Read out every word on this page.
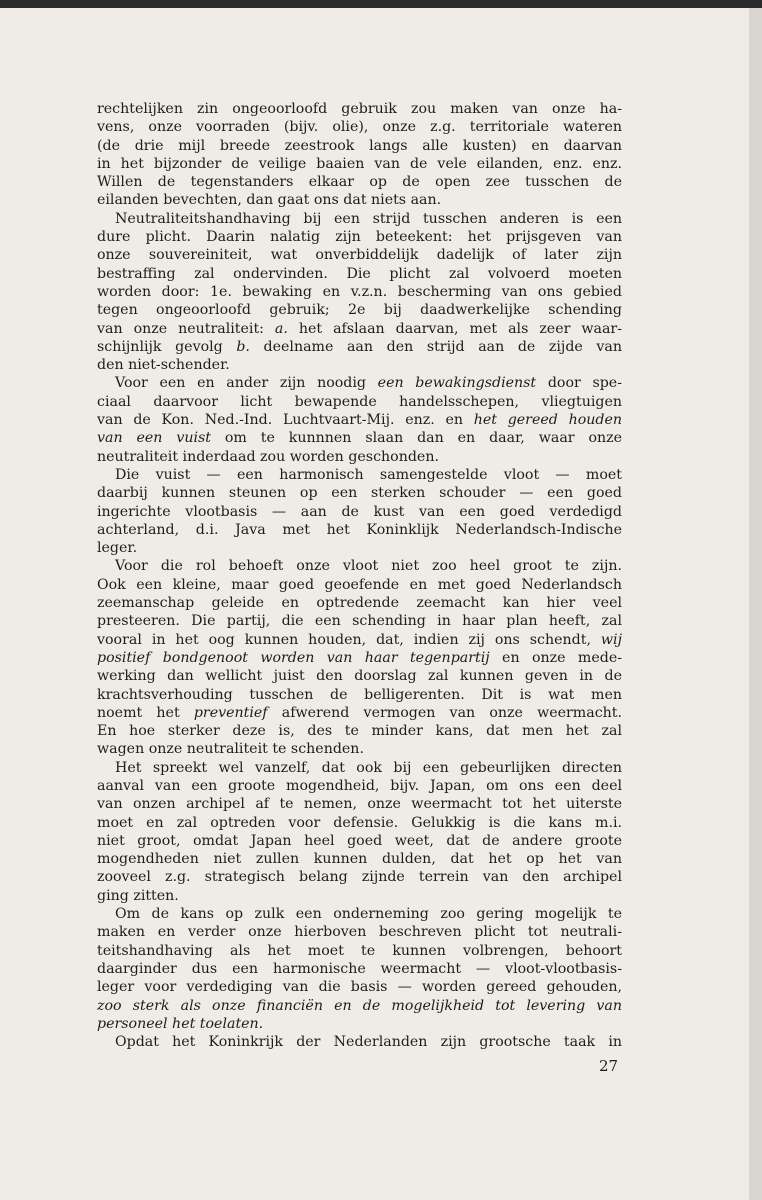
rechtelijken zin ongeoorloofd gebruik zou maken van onze ha-
vens, onze voorraden (bijv. olie), onze z.g. territoriale wateren
(de drie mijl breede zeestrook langs alle kusten) en daarvan
in het bijzonder de veilige baaien van de vele eilanden, enz. enz.
Willen de tegenstanders elkaar op de open zee tusschen de
eilanden bevechten, dan gaat ons dat niets aan.
Neutraliteitshandhaving bij een strijd tusschen anderen is een
dure plicht. Daarin nalatig zijn beteekent: het prijsgeven van
onze souvereiniteit, wat onverbiddelijk dadelijk of later zijn
bestraffing zal ondervinden. Die plicht zal volvoerd moeten
worden door: 1e. bewaking en v.z.n. bescherming van ons gebied
tegen ongeoorloofd gebruik; 2e bij daadwerkelijke schending
van onze neutraliteit: a. het afslaan daarvan, met als zeer waar-
schijnlijk gevolg b. deelname aan den strijd aan de zijde van
den niet-schender.
Voor een en ander zijn noodig een bewakingsdienst door spe-
ciaal daarvoor licht bewapende handelsschepen, vliegtuigen
van de Kon. Ned.-Ind. Luchtvaart-Mij. enz. en het gereed houden
van een vuist om te kunnnen slaan dan en daar, waar onze
neutraliteit inderdaad zou worden geschonden.
Die vuist — een harmonisch samengestelde vloot — moet
daarbij kunnen steunen op een sterken schouder — een goed
ingerichte vlootbasis — aan de kust van een goed verdedigd
achterland, d.i. Java met het Koninklijk Nederlandsch-Indische
leger.
Voor die rol behoeft onze vloot niet zoo heel groot te zijn.
Ook een kleine, maar goed geoefende en met goed Nederlandsch
zeemanschap geleide en optredende zeemacht kan hier veel
presteeren. Die partij, die een schending in haar plan heeft, zal
vooral in het oog kunnen houden, dat, indien zij ons schendt, wij
positief bondgenoot worden van haar tegenpartij en onze mede-
werking dan wellicht juist den doorslag zal kunnen geven in de
krachtsverhouding tusschen de belligerenten. Dit is wat men
noemt het preventief afwerend vermogen van onze weermacht.
En hoe sterker deze is, des te minder kans, dat men het zal
wagen onze neutraliteit te schenden.
Het spreekt wel vanzelf, dat ook bij een gebeurlijken directen
aanval van een groote mogendheid, bijv. Japan, om ons een deel
van onzen archipel af te nemen, onze weermacht tot het uiterste
moet en zal optreden voor defensie. Gelukkig is die kans m.i.
niet groot, omdat Japan heel goed weet, dat de andere groote
mogendheden niet zullen kunnen dulden, dat het op het van
zooveel z.g. strategisch belang zijnde terrein van den archipel
ging zitten.
Om de kans op zulk een onderneming zoo gering mogelijk te
maken en verder onze hierboven beschreven plicht tot neutrali-
teitshandhaving als het moet te kunnen volbrengen, behoort
daarginder dus een harmonische weermacht — vloot-vlootbasis-
leger voor verdediging van die basis — worden gereed gehouden,
zoo sterk als onze financiën en de mogelijkheid tot levering van
personeel het toelaten.
Opdat het Koninkrijk der Nederlanden zijn grootsche taak in
27
